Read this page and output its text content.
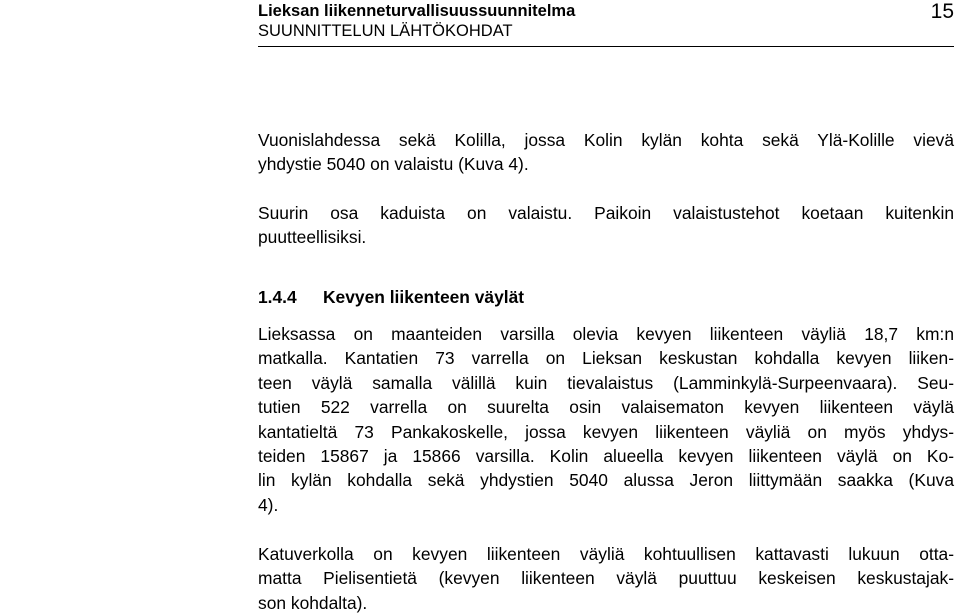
Lieksan liikenneturvallisuussuunnitelma
SUUNNITTELUN LÄHTÖKOHDAT
15
Vuonislahdessa sekä Kolilla, jossa Kolin kylän kohta sekä Ylä-Kolille vievä
yhdystie 5040 on valaistu (Kuva 4).
Suurin osa kaduista on valaistu. Paikoin valaistustehot koetaan kuitenkin
puutteellisiksi.
1.4.4 Kevyen liikenteen väylät
Lieksassa on maanteiden varsilla olevia kevyen liikenteen väyliä 18,7 km:n
matkalla. Kantatien 73 varrella on Lieksan keskustan kohdalla kevyen liiken-
teen väylä samalla välillä kuin tievalaistus (Lamminkylä-Surpeenvaara). Seu-
tutien 522 varrella on suurelta osin valaisematon kevyen liikenteen väylä
kantatieltä 73 Pankakoskelle, jossa kevyen liikenteen väyliä on myös yhdys-
teiden 15867 ja 15866 varsilla. Kolin alueella kevyen liikenteen väylä on Ko-
lin kylän kohdalla sekä yhdystien 5040 alussa Jeron liittymään saakka (Kuva
4).
Katuverkolla on kevyen liikenteen väyliä kohtuullisen kattavasti lukuun otta-
matta Pielisentietä (kevyen liikenteen väylä puuttuu keskeisen keskustajak-
son kohdalta).
